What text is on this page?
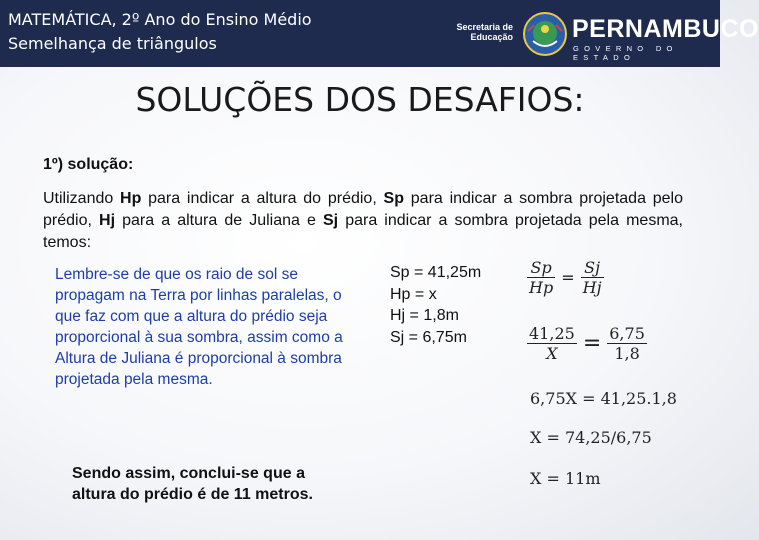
MATEMÁTICA, 2º Ano do Ensino Médio
Semelhança de triângulos
Secretaria de
Educação PERNAMBUCO
GOVERNO DO ESTADO
SOLUÇÕES DOS DESAFIOS:
1º) solução:
Utilizando Hp para indicar a altura do prédio, Sp para indicar a sombra projetada pelo prédio, Hj para a altura de Juliana e Sj para indicar a sombra projetada pela mesma, temos:
Lembre-se de que os raio de sol se propagam na Terra por linhas paralelas, o que faz com que a altura do prédio seja proporcional à sua sombra, assim como a Altura de Juliana é proporcional à sombra projetada pela mesma.
Sendo assim, conclui-se que a altura do prédio é de 11 metros.
Sp = 41,25m
Hp = x
Hj = 1,8m
Sj = 6,75m
$\frac{Sp}{Hp} = \frac{Sj}{Hj}$
$\frac{41,25}{X} = \frac{6,75}{1,8}$
6,75X = 41,25.1,8
X = 74,25/6,75
X = 11m
